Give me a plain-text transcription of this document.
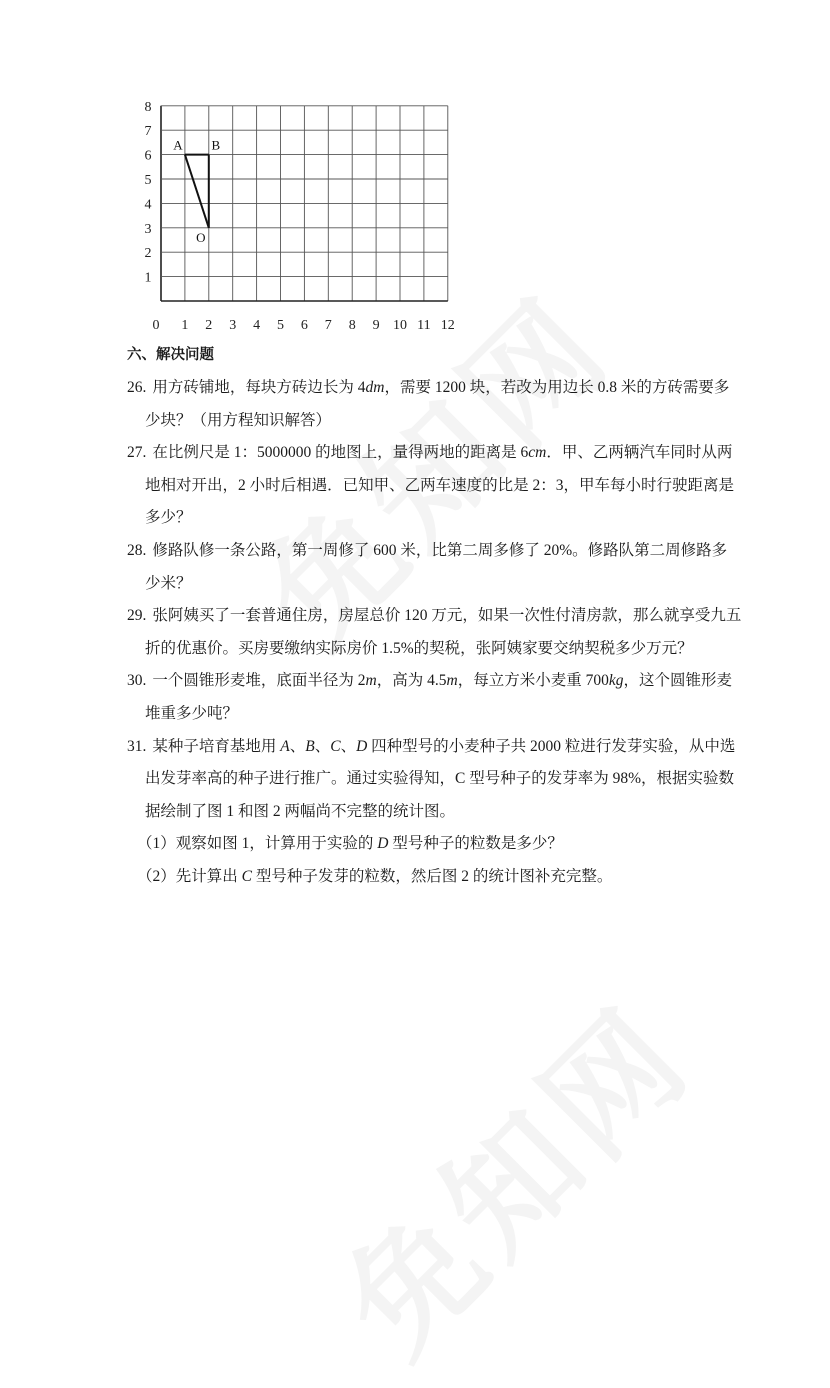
0 1 2 3 4 5 6 7 8 9 10 11 12
1
2
3
4
5
6
7
8
A B
O
六、解决问题
26. 用方砖铺地，每块方砖边长为 4dm，需要 1200 块，若改为用边长 0.8 米的方砖需要多
少块？（用方程知识解答）
27. 在比例尺是 1：5000000 的地图上，量得两地的距离是 6cm．甲、乙两辆汽车同时从两
地相对开出，2 小时后相遇．已知甲、乙两车速度的比是 2：3，甲车每小时行驶距离是
多少？
28. 修路队修一条公路，第一周修了 600 米，比第二周多修了 20%。修路队第二周修路多
少米？
29. 张阿姨买了一套普通住房，房屋总价 120 万元，如果一次性付清房款，那么就享受九五
折的优惠价。买房要缴纳实际房价 1.5%的契税，张阿姨家要交纳契税多少万元？
30. 一个圆锥形麦堆，底面半径为 2m，高为 4.5m，每立方米小麦重 700kg，这个圆锥形麦
堆重多少吨？
31. 某种子培育基地用 A、B、C、D 四种型号的小麦种子共 2000 粒进行发芽实验，从中选
出发芽率高的种子进行推广。通过实验得知，C 型号种子的发芽率为 98%，根据实验数
据绘制了图 1 和图 2 两幅尚不完整的统计图。
（1）观察如图 1，计算用于实验的 D 型号种子的粒数是多少？
（2）先计算出 C 型号种子发芽的粒数，然后图 2 的统计图补充完整。
